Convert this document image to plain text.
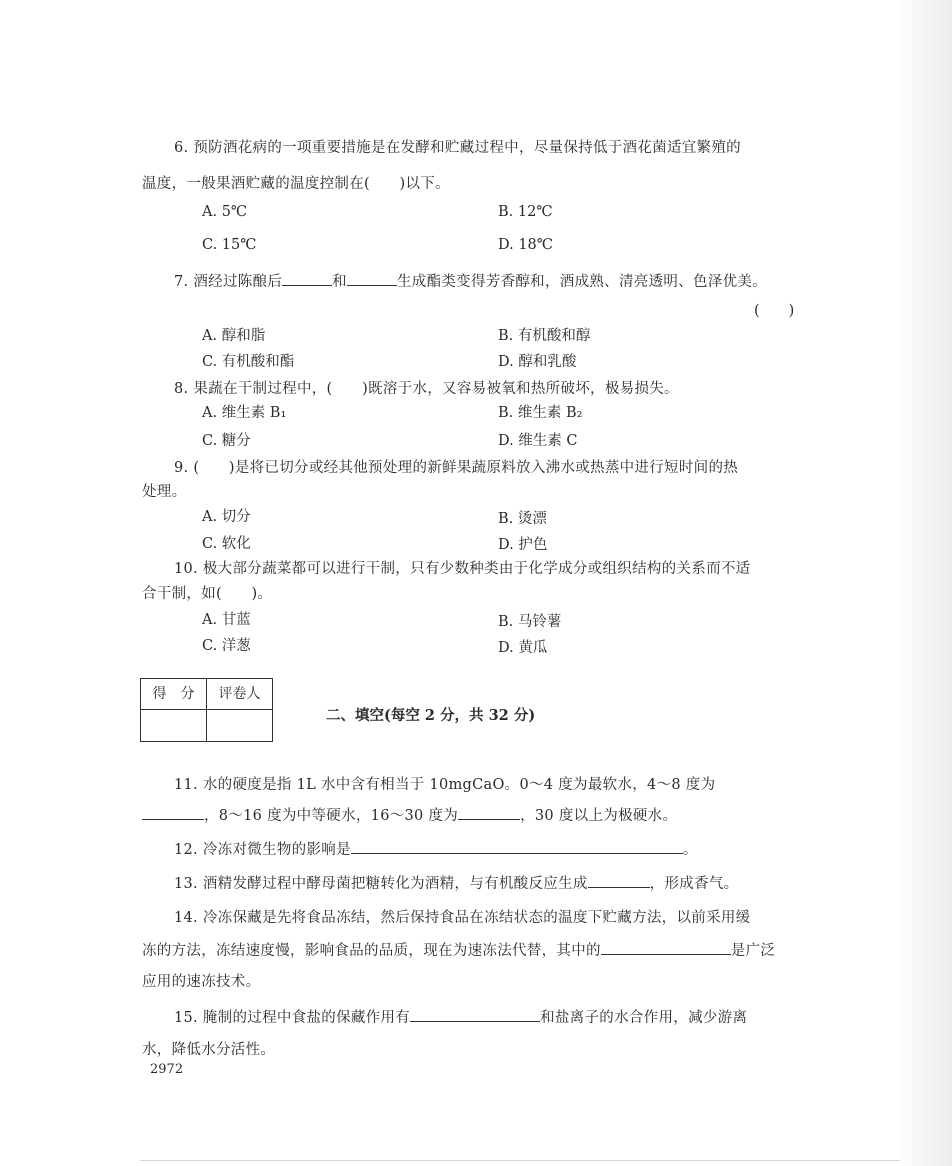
6. 预防酒花病的一项重要措施是在发酵和贮藏过程中，尽量保持低于酒花菌适宜繁殖的
温度，一般果酒贮藏的温度控制在(　　)以下。
A. 5℃	B. 12℃
C. 15℃	D. 18℃
7. 酒经过陈酿后	和	生成酯类变得芳香醇和，酒成熟、清亮透明、色泽优美。
(　　)
A. 醇和脂	B. 有机酸和醇
C. 有机酸和酯	D. 醇和乳酸
8. 果蔬在干制过程中，(　　)既溶于水，又容易被氧和热所破坏，极易损失。
A. 维生素 B₁	B. 维生素 B₂
C. 糖分	D. 维生素 C
9. (　　)是将已切分或经其他预处理的新鲜果蔬原料放入沸水或热蒸中进行短时间的热
处理。
A. 切分	B. 烫漂
C. 软化	D. 护色
10. 极大部分蔬菜都可以进行干制，只有少数种类由于化学成分或组织结构的关系而不适
合干制，如(　　)。
A. 甘蓝	B. 马铃薯
C. 洋葱	D. 黄瓜
得　分	评卷人
二、填空(每空 2 分，共 32 分)
11. 水的硬度是指 1L 水中含有相当于 10mgCaO。0～4 度为最软水，4～8 度为
，8～16 度为中等硬水，16～30 度为	，30 度以上为极硬水。
12. 冷冻对微生物的影响是	。
13. 酒精发酵过程中酵母菌把糖转化为酒精，与有机酸反应生成	，形成香气。
14. 冷冻保藏是先将食品冻结，然后保持食品在冻结状态的温度下贮藏方法，以前采用缓
冻的方法，冻结速度慢，影响食品的品质，现在为速冻法代替，其中的	是广泛
应用的速冻技术。
15. 腌制的过程中食盐的保藏作用有	和盐离子的水合作用，减少游离
水，降低水分活性。
2972
